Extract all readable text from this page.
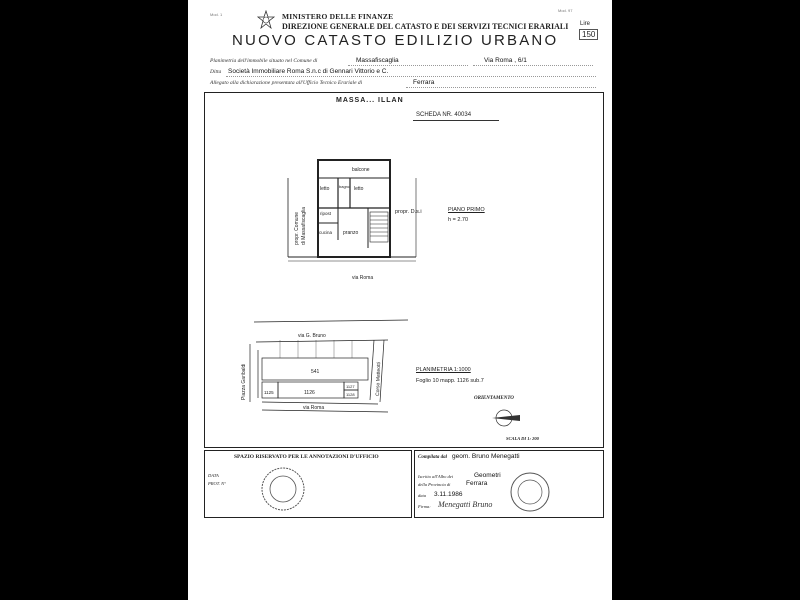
Mod. 1
Mod. 97
MINISTERO DELLE FINANZE
DIREZIONE GENERALE DEL CATASTO E DEI SERVIZI TECNICI ERARIALI
NUOVO CATASTO EDILIZIO URBANO
Lire
150
Planimetria dell'immobile situato nel Comune di	Massafiscaglia	Via Roma , 6/1
Ditta Società Immobiliare Roma S.n.c di Gennari Vittorio e C.
Allegato alla dichiarazione presentata all'Ufficio Tecnico Erariale di	Ferrara
MASSA... ILLAN
SCHEDA NR. 40034
balcone
letto bagno letto
ripost
cucina pranzo
via Roma
propr. Comune di Massafiscaglia	propr. D.s.i	PIANO PRIMO
h = 2.70
via G. Bruno
541
1126
1125
1127
1128
via Roma
Piazza Garibaldi	Corso Matteotti	PLANIMETRIA 1:1000
Foglio 10 mapp. 1126 sub.7
ORIENTAMENTO
SCALA DI 1: 200
SPAZIO RISERVATO PER LE ANNOTAZIONI D'UFFICIO
DATA
PROT. N°
Compilata dal geom. Bruno Menegatti
Iscritto all'Albo dei	Geometri
della Provincia di Ferrara
data 3.11.1986
Firma: Menegatti Bruno
